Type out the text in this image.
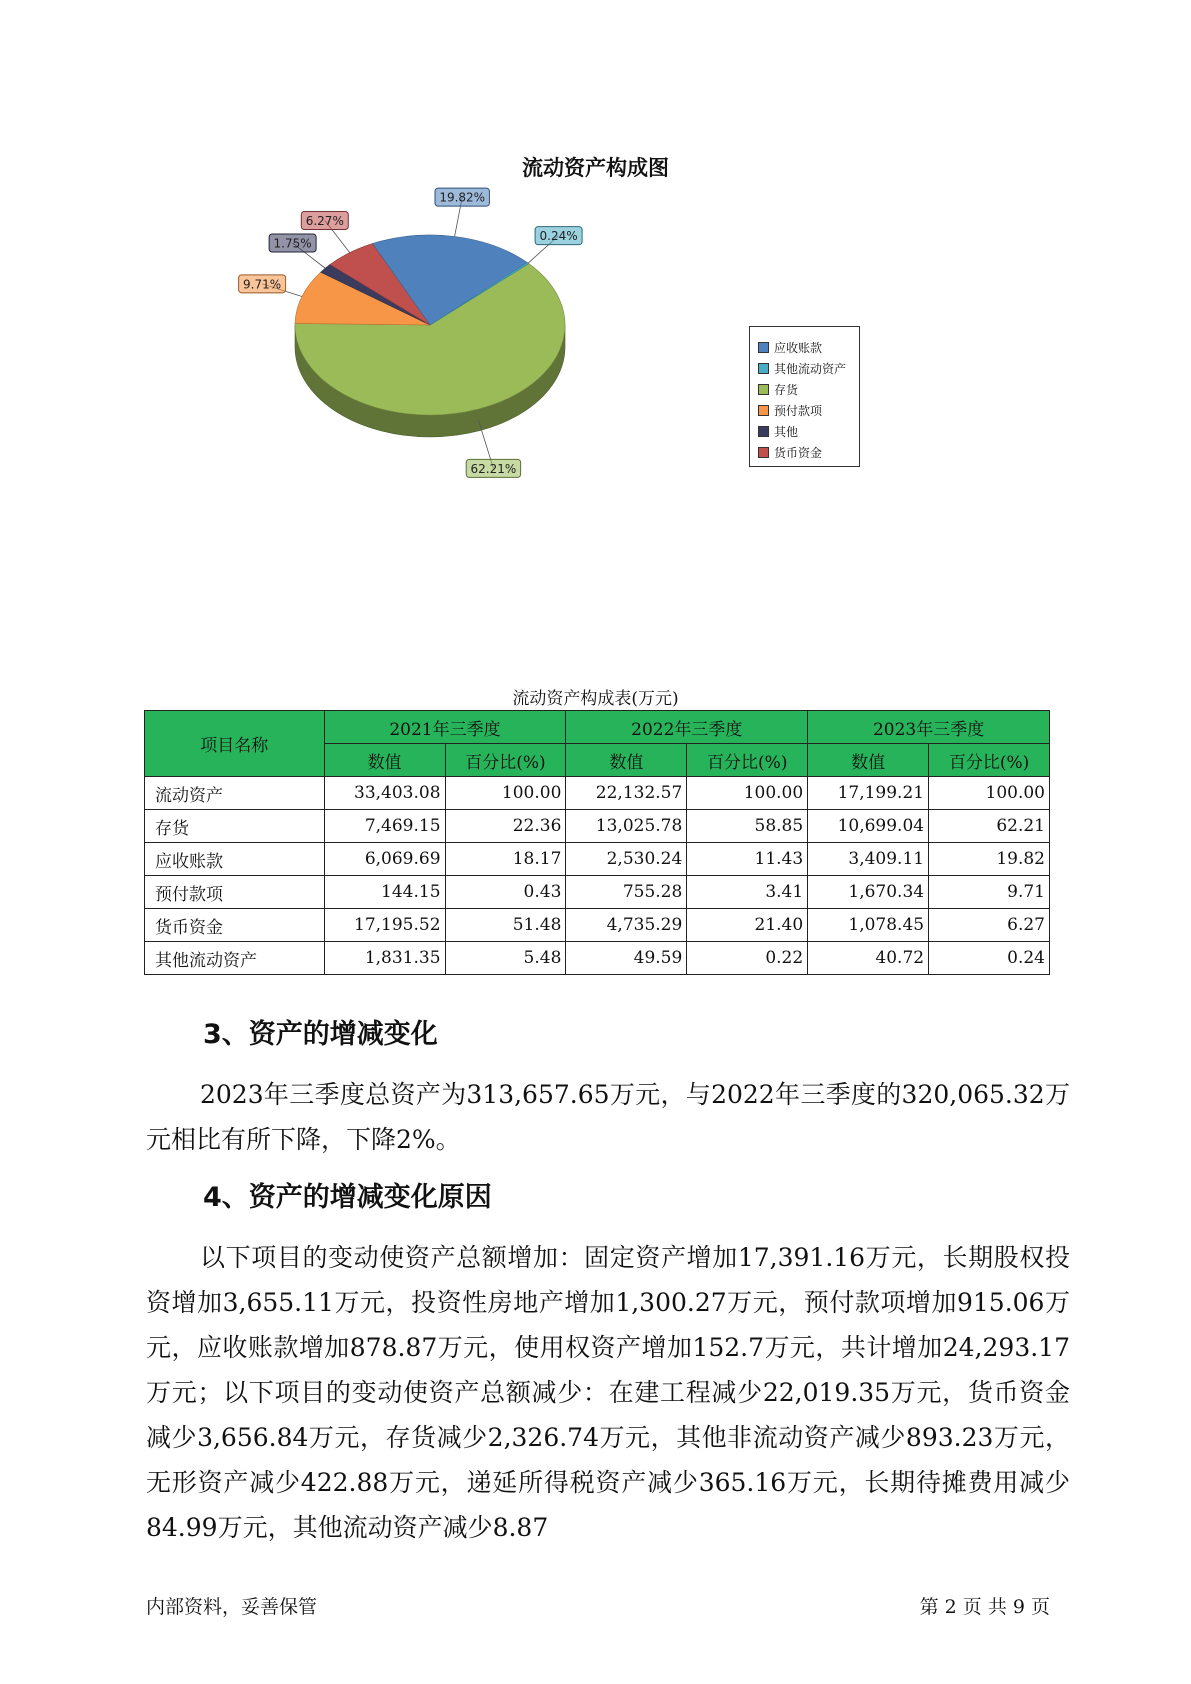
流动资产构成图
62.21%
9.71%
1.75%
6.27%
19.82%
0.24%
应收账款
其他流动资产
存货
预付款项
其他
货币资金
流动资产构成表(万元)
项目名称	2021年三季度		2022年三季度		2023年三季度	
	数值	百分比(%)	数值	百分比(%)	数值	百分比(%)
流动资产	33,403.08	100.00	22,132.57	100.00	17,199.21	100.00
存货	7,469.15	22.36	13,025.78	58.85	10,699.04	62.21
应收账款	6,069.69	18.17	2,530.24	11.43	3,409.11	19.82
预付款项	144.15	0.43	755.28	3.41	1,670.34	9.71
货币资金	17,195.52	51.48	4,735.29	21.40	1,078.45	6.27
其他流动资产	1,831.35	5.48	49.59	0.22	40.72	0.24
3、资产的增减变化

2023年三季度总资产为313,657.65万元，与2022年三季度的320,065.32万元相比有所下降，下降2%。

4、资产的增减变化原因

以下项目的变动使资产总额增加：固定资产增加17,391.16万元，长期股权投资增加3,655.11万元，投资性房地产增加1,300.27万元，预付款项增加915.06万元，应收账款增加878.87万元，使用权资产增加152.7万元，共计增加24,293.17万元；以下项目的变动使资产总额减少：在建工程减少22,019.35万元，货币资金减少3,656.84万元，存货减少2,326.74万元，其他非流动资产减少893.23万元，无形资产减少422.88万元，递延所得税资产减少365.16万元，长期待摊费用减少84.99万元，其他流动资产减少8.87

内部资料，妥善保管	第 2 页 共 9 页
